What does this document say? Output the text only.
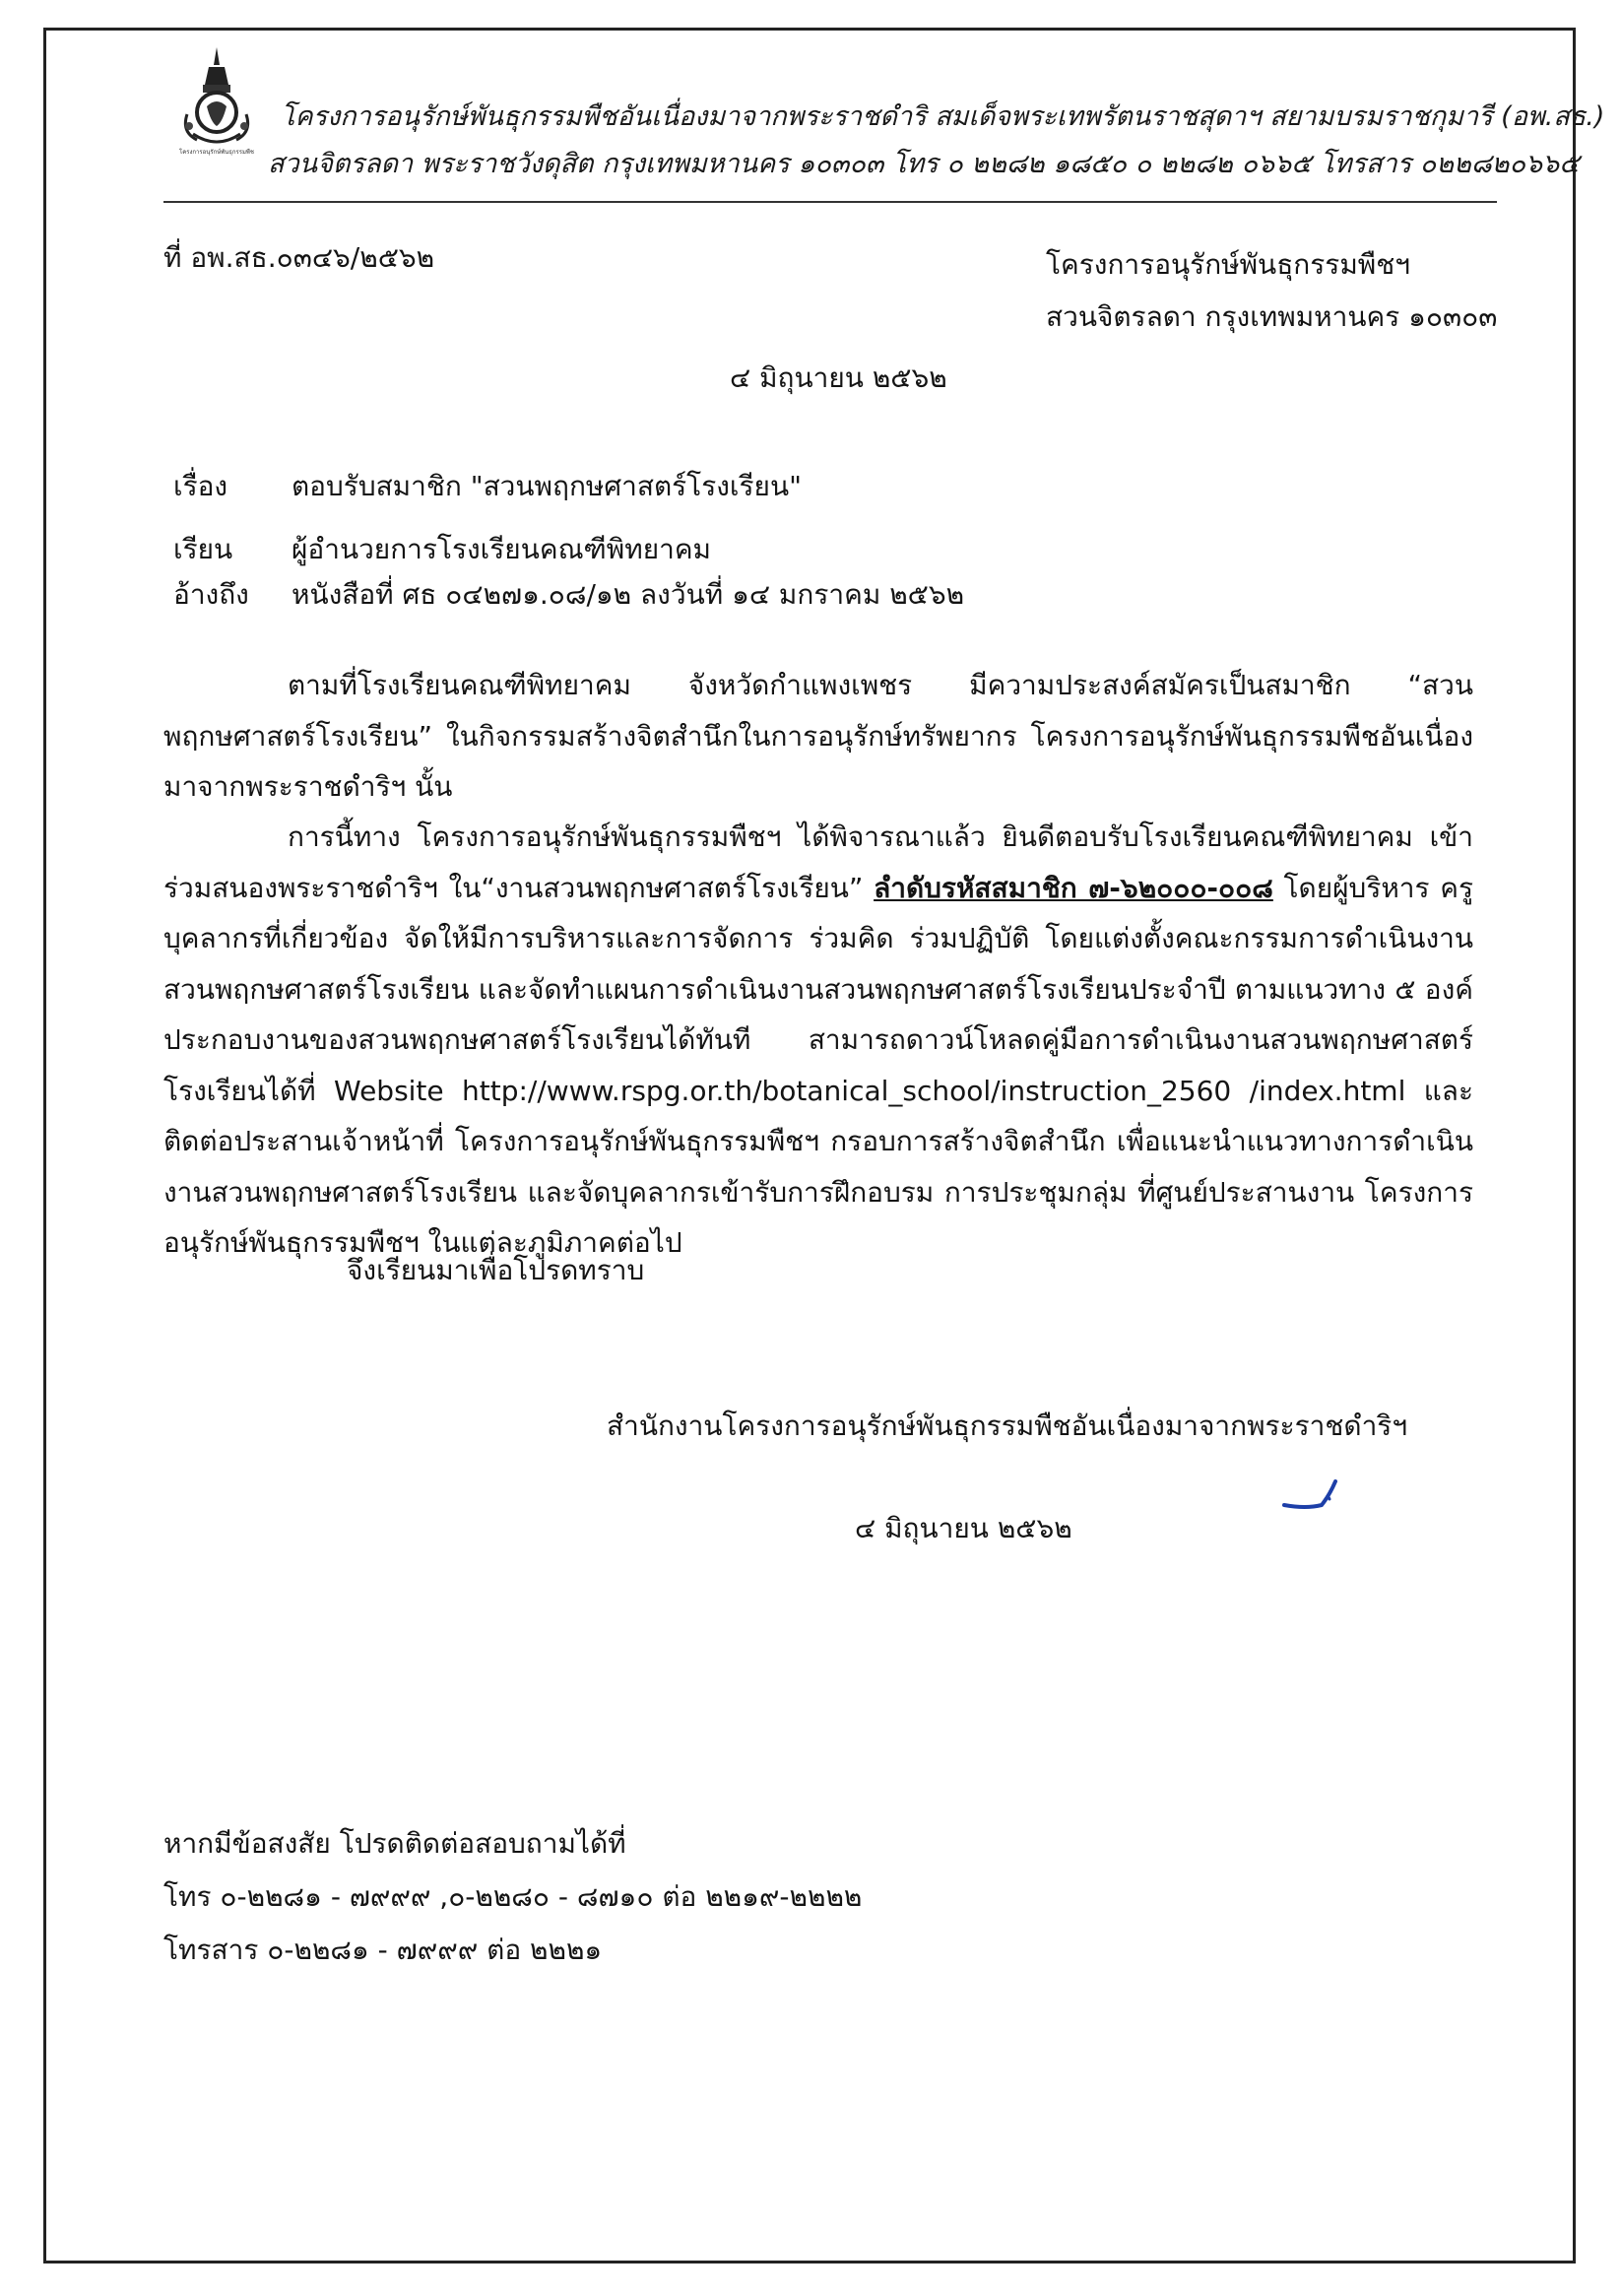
โครงการอนุรักษ์พันธุกรรมพืช
โครงการอนุรักษ์พันธุกรรมพืชอันเนื่องมาจากพระราชดำริ สมเด็จพระเทพรัตนราชสุดาฯ สยามบรมราชกุมารี (อพ.สธ.)
สวนจิตรลดา พระราชวังดุสิต กรุงเทพมหานคร ๑๐๓๐๓ โทร ๐ ๒๒๘๒ ๑๘๕๐ ๐ ๒๒๘๒ ๐๖๖๕ โทรสาร ๐๒๒๘๒๐๖๖๕
ที่ อพ.สธ.๐๓๔๖/๒๕๖๒	โครงการอนุรักษ์พันธุกรรมพืชฯ
สวนจิตรลดา กรุงเทพมหานคร ๑๐๓๐๓
๔ มิถุนายน ๒๕๖๒
เรื่อง ตอบรับสมาชิก "สวนพฤกษศาสตร์โรงเรียน"
เรียน ผู้อำนวยการโรงเรียนคณฑีพิทยาคม
อ้างถึง หนังสือที่ ศธ ๐๔๒๗๑.๐๘/๑๒ ลงวันที่ ๑๔ มกราคม ๒๕๖๒
ตามที่โรงเรียนคณฑีพิทยาคม จังหวัดกำแพงเพชร มีความประสงค์สมัครเป็นสมาชิก “สวนพฤกษศาสตร์โรงเรียน” ในกิจกรรมสร้างจิตสำนึกในการอนุรักษ์ทรัพยากร โครงการอนุรักษ์พันธุกรรมพืชอันเนื่องมาจากพระราชดำริฯ นั้น
การนี้ทาง โครงการอนุรักษ์พันธุกรรมพืชฯ ได้พิจารณาแล้ว ยินดีตอบรับโรงเรียนคณฑีพิทยาคม เข้าร่วมสนองพระราชดำริฯ ใน“งานสวนพฤกษศาสตร์โรงเรียน” ลำดับรหัสสมาชิก ๗-๖๒๐๐๐-๐๐๘ โดยผู้บริหาร ครู บุคลากรที่เกี่ยวข้อง จัดให้มีการบริหารและการจัดการ ร่วมคิด ร่วมปฏิบัติ โดยแต่งตั้งคณะกรรมการดำเนินงานสวนพฤกษศาสตร์โรงเรียน และจัดทำแผนการดำเนินงานสวนพฤกษศาสตร์โรงเรียนประจำปี ตามแนวทาง ๕ องค์ประกอบงานของสวนพฤกษศาสตร์โรงเรียนได้ทันที สามารถดาวน์โหลดคู่มือการดำเนินงานสวนพฤกษศาสตร์โรงเรียนได้ที่ Website http://www.rspg.or.th/botanical_school/instruction_2560 /index.html และติดต่อประสานเจ้าหน้าที่ โครงการอนุรักษ์พันธุกรรมพืชฯ กรอบการสร้างจิตสำนึก เพื่อแนะนำแนวทางการดำเนินงานสวนพฤกษศาสตร์โรงเรียน และจัดบุคลากรเข้ารับการฝึกอบรม การประชุมกลุ่ม ที่ศูนย์ประสานงาน โครงการอนุรักษ์พันธุกรรมพืชฯ ในแต่ละภูมิภาคต่อไป
จึงเรียนมาเพื่อโปรดทราบ
สำนักงานโครงการอนุรักษ์พันธุกรรมพืชอันเนื่องมาจากพระราชดำริฯ
๔ มิถุนายน ๒๕๖๒
หากมีข้อสงสัย โปรดติดต่อสอบถามได้ที่
โทร ๐-๒๒๘๑ - ๗๙๙๙ ,๐-๒๒๘๐ - ๘๗๑๐ ต่อ ๒๒๑๙-๒๒๒๒
โทรสาร ๐-๒๒๘๑ - ๗๙๙๙ ต่อ ๒๒๒๑
